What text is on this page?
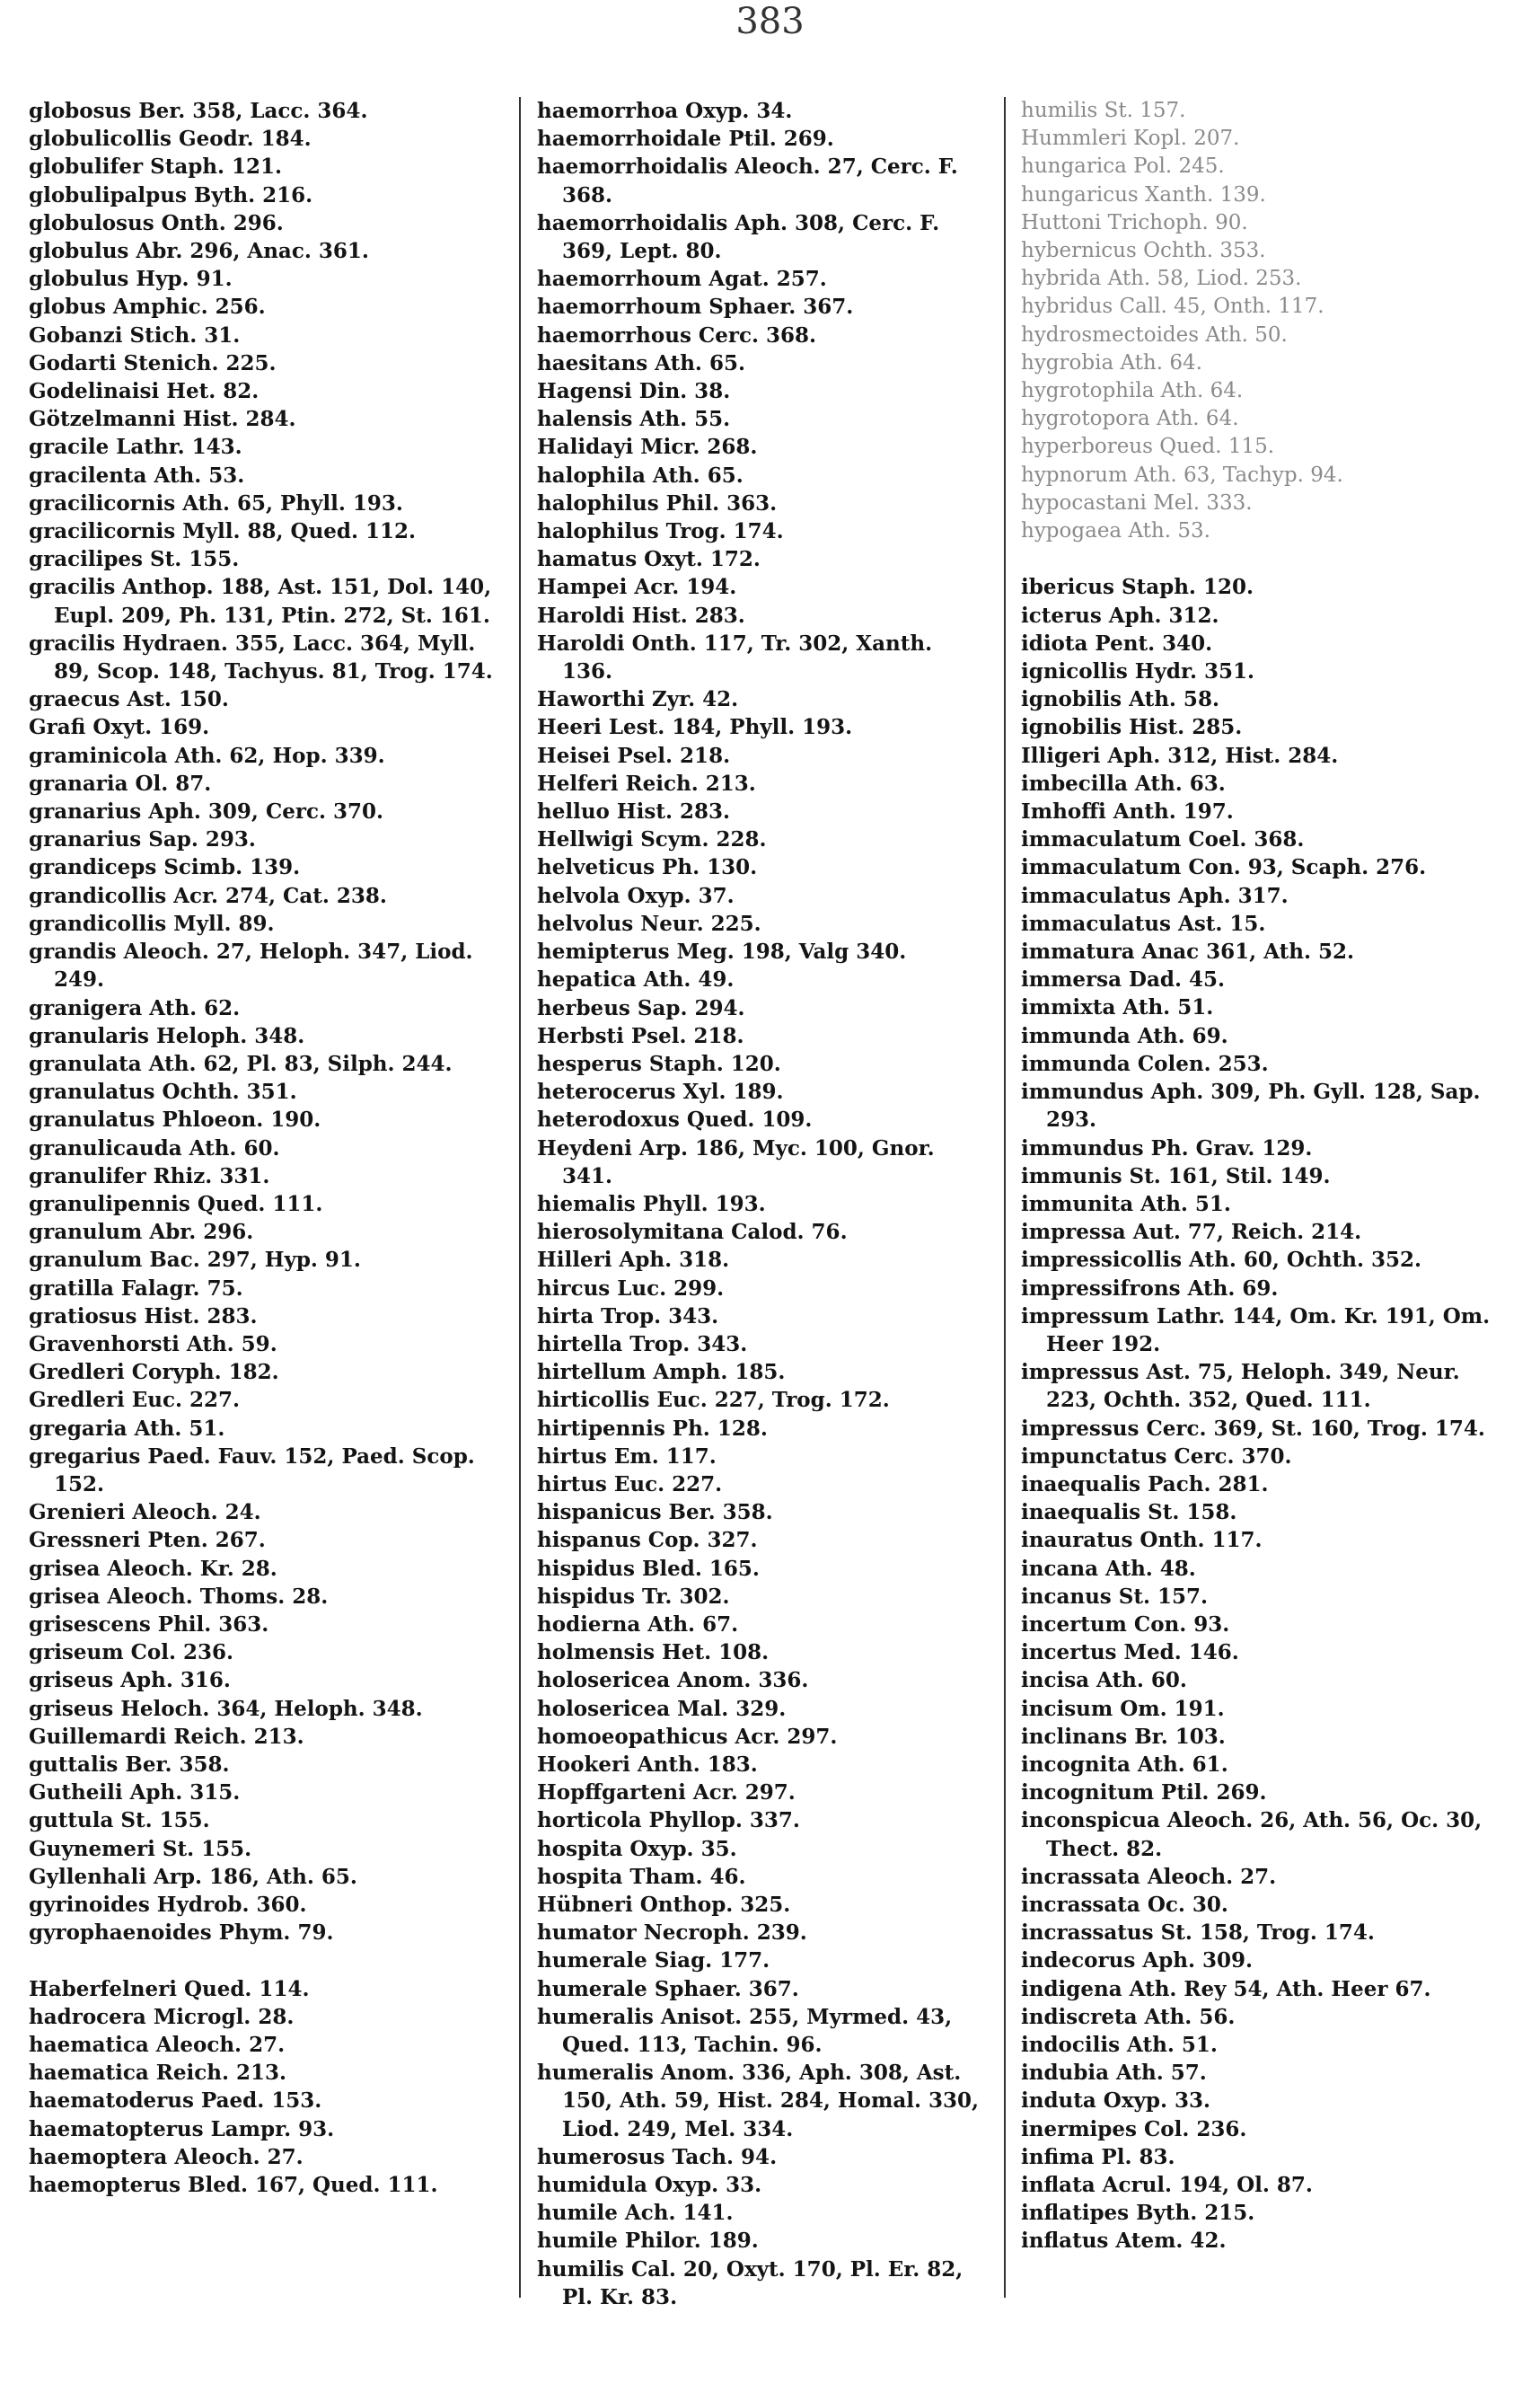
383
globosus Ber. 358, Lacc. 364.
globulicollis Geodr. 184.
globulifer Staph. 121.
globulipalpus Byth. 216.
globulosus Onth. 296.
globulus Abr. 296, Anac. 361.
globulus Hyp. 91.
globus Amphic. 256.
Gobanzi Stich. 31.
Godarti Stenich. 225.
Godelinaisi Het. 82.
Götzelmanni Hist. 284.
gracile Lathr. 143.
gracilenta Ath. 53.
gracilicornis Ath. 65, Phyll. 193.
gracilicornis Myll. 88, Qued. 112.
gracilipes St. 155.
gracilis Anthop. 188, Ast. 151, Dol. 140, Eupl. 209, Ph. 131, Ptin. 272, St. 161.
gracilis Hydraen. 355, Lacc. 364, Myll. 89, Scop. 148, Tachyus. 81, Trog. 174.
graecus Ast. 150.
Grafi Oxyt. 169.
graminicola Ath. 62, Hop. 339.
granaria Ol. 87.
granarius Aph. 309, Cerc. 370.
granarius Sap. 293.
grandiceps Scimb. 139.
grandicollis Acr. 274, Cat. 238.
grandicollis Myll. 89.
grandis Aleoch. 27, Heloph. 347, Liod. 249.
granigera Ath. 62.
granularis Heloph. 348.
granulata Ath. 62, Pl. 83, Silph. 244.
granulatus Ochth. 351.
granulatus Phloeon. 190.
granulicauda Ath. 60.
granulifer Rhiz. 331.
granulipennis Qued. 111.
granulum Abr. 296.
granulum Bac. 297, Hyp. 91.
gratilla Falagr. 75.
gratiosus Hist. 283.
Gravenhorsti Ath. 59.
Gredleri Coryph. 182.
Gredleri Euc. 227.
gregaria Ath. 51.
gregarius Paed. Fauv. 152, Paed. Scop. 152.
Grenieri Aleoch. 24.
Gressneri Pten. 267.
grisea Aleoch. Kr. 28.
grisea Aleoch. Thoms. 28.
grisescens Phil. 363.
griseum Col. 236.
griseus Aph. 316.
griseus Heloch. 364, Heloph. 348.
Guillemardi Reich. 213.
guttalis Ber. 358.
Gutheili Aph. 315.
guttula St. 155.
Guynemeri St. 155.
Gyllenhali Arp. 186, Ath. 65.
gyrinoides Hydrob. 360.
gyrophaenoides Phym. 79.
Haberfelneri Qued. 114.
hadrocera Microgl. 28.
haematica Aleoch. 27.
haematica Reich. 213.
haematoderus Paed. 153.
haematopterus Lampr. 93.
haemoptera Aleoch. 27.
haemopterus Bled. 167, Qued. 111.
haemorrhoa Oxyp. 34.
haemorrhoidale Ptil. 269.
haemorrhoidalis Aleoch. 27, Cerc. F. 368.
haemorrhoidalis Aph. 308, Cerc. F. 369, Lept. 80.
haemorrhoum Agat. 257.
haemorrhoum Sphaer. 367.
haemorrhous Cerc. 368.
haesitans Ath. 65.
Hagensi Din. 38.
halensis Ath. 55.
Halidayi Micr. 268.
halophila Ath. 65.
halophilus Phil. 363.
halophilus Trog. 174.
hamatus Oxyt. 172.
Hampei Acr. 194.
Haroldi Hist. 283.
Haroldi Onth. 117, Tr. 302, Xanth. 136.
Haworthi Zyr. 42.
Heeri Lest. 184, Phyll. 193.
Heisei Psel. 218.
Helferi Reich. 213.
helluo Hist. 283.
Hellwigi Scym. 228.
helveticus Ph. 130.
helvola Oxyp. 37.
helvolus Neur. 225.
hemipterus Meg. 198, Valg 340.
hepatica Ath. 49.
herbeus Sap. 294.
Herbsti Psel. 218.
hesperus Staph. 120.
heterocerus Xyl. 189.
heterodoxus Qued. 109.
Heydeni Arp. 186, Myc. 100, Gnor. 341.
hiemalis Phyll. 193.
hierosolymitana Calod. 76.
Hilleri Aph. 318.
hircus Luc. 299.
hirta Trop. 343.
hirtella Trop. 343.
hirtellum Amph. 185.
hirticollis Euc. 227, Trog. 172.
hirtipennis Ph. 128.
hirtus Em. 117.
hirtus Euc. 227.
hispanicus Ber. 358.
hispanus Cop. 327.
hispidus Bled. 165.
hispidus Tr. 302.
hodierna Ath. 67.
holmensis Het. 108.
holosericea Anom. 336.
holosericea Mal. 329.
homoeopathicus Acr. 297.
Hookeri Anth. 183.
Hopffgarteni Acr. 297.
horticola Phyllop. 337.
hospita Oxyp. 35.
hospita Tham. 46.
Hübneri Onthop. 325.
humator Necroph. 239.
humerale Siag. 177.
humerale Sphaer. 367.
humeralis Anisot. 255, Myrmed. 43, Qued. 113, Tachin. 96.
humeralis Anom. 336, Aph. 308, Ast. 150, Ath. 59, Hist. 284, Homal. 330, Liod. 249, Mel. 334.
humerosus Tach. 94.
humidula Oxyp. 33.
humile Ach. 141.
humile Philor. 189.
humilis Cal. 20, Oxyt. 170, Pl. Er. 82, Pl. Kr. 83.
humilis St. 157.
Hummleri Kopl. 207.
hungarica Pol. 245.
hungaricus Xanth. 139.
Huttoni Trichoph. 90.
hybernicus Ochth. 353.
hybrida Ath. 58, Liod. 253.
hybridus Call. 45, Onth. 117.
hydrosmectoides Ath. 50.
hygrobia Ath. 64.
hygrotophila Ath. 64.
hygrotopora Ath. 64.
hyperboreus Qued. 115.
hypnorum Ath. 63, Tachyp. 94.
hypocastani Mel. 333.
hypogaea Ath. 53.
ibericus Staph. 120.
icterus Aph. 312.
idiota Pent. 340.
ignicollis Hydr. 351.
ignobilis Ath. 58.
ignobilis Hist. 285.
Illigeri Aph. 312, Hist. 284.
imbecilla Ath. 63.
Imhoffi Anth. 197.
immaculatum Coel. 368.
immaculatum Con. 93, Scaph. 276.
immaculatus Aph. 317.
immaculatus Ast. 15.
immatura Anac 361, Ath. 52.
immersa Dad. 45.
immixta Ath. 51.
immunda Ath. 69.
immunda Colen. 253.
immundus Aph. 309, Ph. Gyll. 128, Sap. 293.
immundus Ph. Grav. 129.
immunis St. 161, Stil. 149.
immunita Ath. 51.
impressa Aut. 77, Reich. 214.
impressicollis Ath. 60, Ochth. 352.
impressifrons Ath. 69.
impressum Lathr. 144, Om. Kr. 191, Om. Heer 192.
impressus Ast. 75, Heloph. 349, Neur. 223, Ochth. 352, Qued. 111.
impressus Cerc. 369, St. 160, Trog. 174.
impunctatus Cerc. 370.
inaequalis Pach. 281.
inaequalis St. 158.
inauratus Onth. 117.
incana Ath. 48.
incanus St. 157.
incertum Con. 93.
incertus Med. 146.
incisa Ath. 60.
incisum Om. 191.
inclinans Br. 103.
incognita Ath. 61.
incognitum Ptil. 269.
inconspicua Aleoch. 26, Ath. 56, Oc. 30, Thect. 82.
incrassata Aleoch. 27.
incrassata Oc. 30.
incrassatus St. 158, Trog. 174.
indecorus Aph. 309.
indigena Ath. Rey 54, Ath. Heer 67.
indiscreta Ath. 56.
indocilis Ath. 51.
indubia Ath. 57.
induta Oxyp. 33.
inermipes Col. 236.
infima Pl. 83.
inflata Acrul. 194, Ol. 87.
inflatipes Byth. 215.
inflatus Atem. 42.
